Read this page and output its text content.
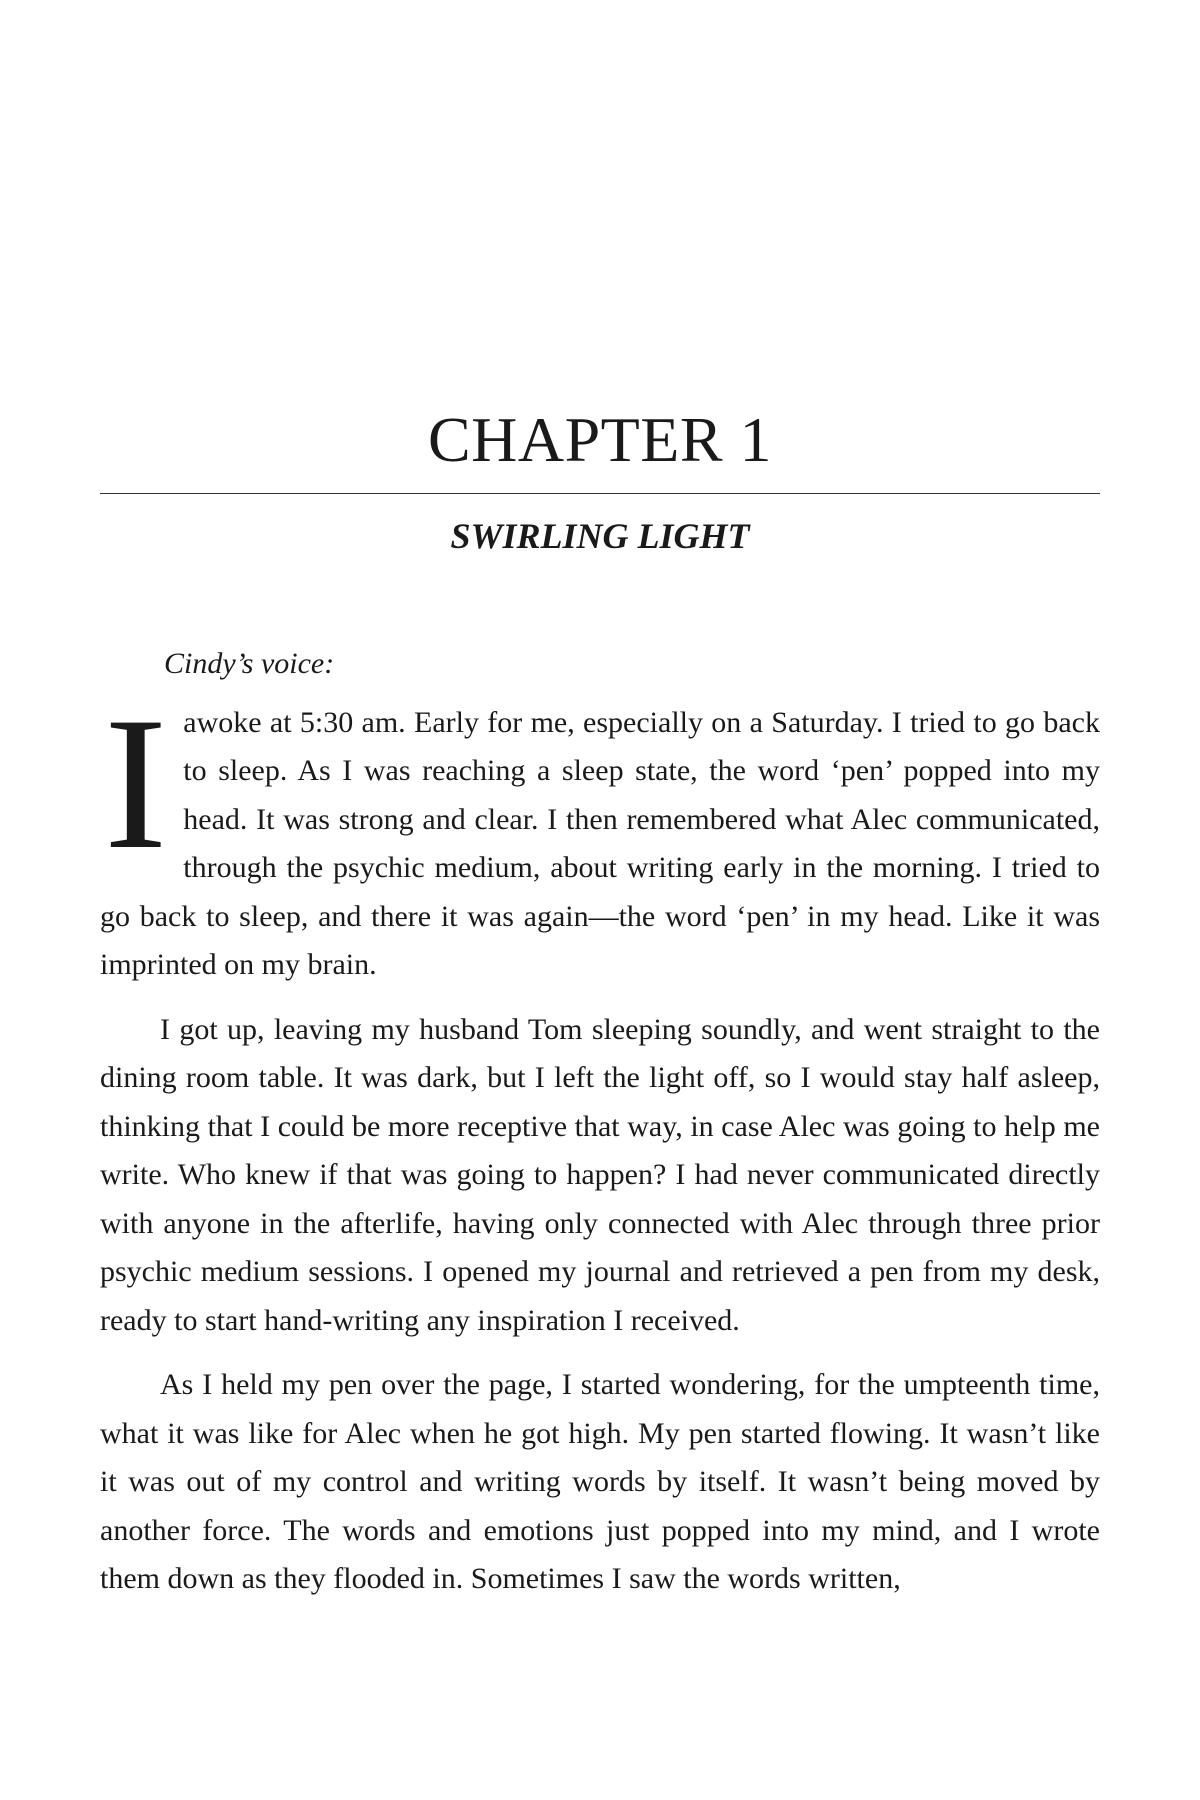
CHAPTER 1
SWIRLING LIGHT

Cindy’s voice:

Iawoke at 5:30 am. Early for me, especially on a Saturday. I tried to go back to sleep. As I was reaching a sleep state, the word ‘pen’ popped into my head. It was strong and clear. I then remembered what Alec communicated, through the psychic medium, about writing early in the morning. I tried to go back to sleep, and there it was again—the word ‘pen’ in my head. Like it was imprinted on my brain.

I got up, leaving my husband Tom sleeping soundly, and went straight to the dining room table. It was dark, but I left the light off, so I would stay half asleep, thinking that I could be more receptive that way, in case Alec was going to help me write. Who knew if that was going to happen? I had never communicated directly with anyone in the afterlife, having only connected with Alec through three prior psychic medium sessions. I opened my journal and retrieved a pen from my desk, ready to start hand-writing any inspiration I received.

As I held my pen over the page, I started wondering, for the umpteenth time, what it was like for Alec when he got high. My pen started flowing. It wasn’t like it was out of my control and writing words by itself. It wasn’t being moved by another force. The words and emotions just popped into my mind, and I wrote them down as they flooded in. Sometimes I saw the words written,
